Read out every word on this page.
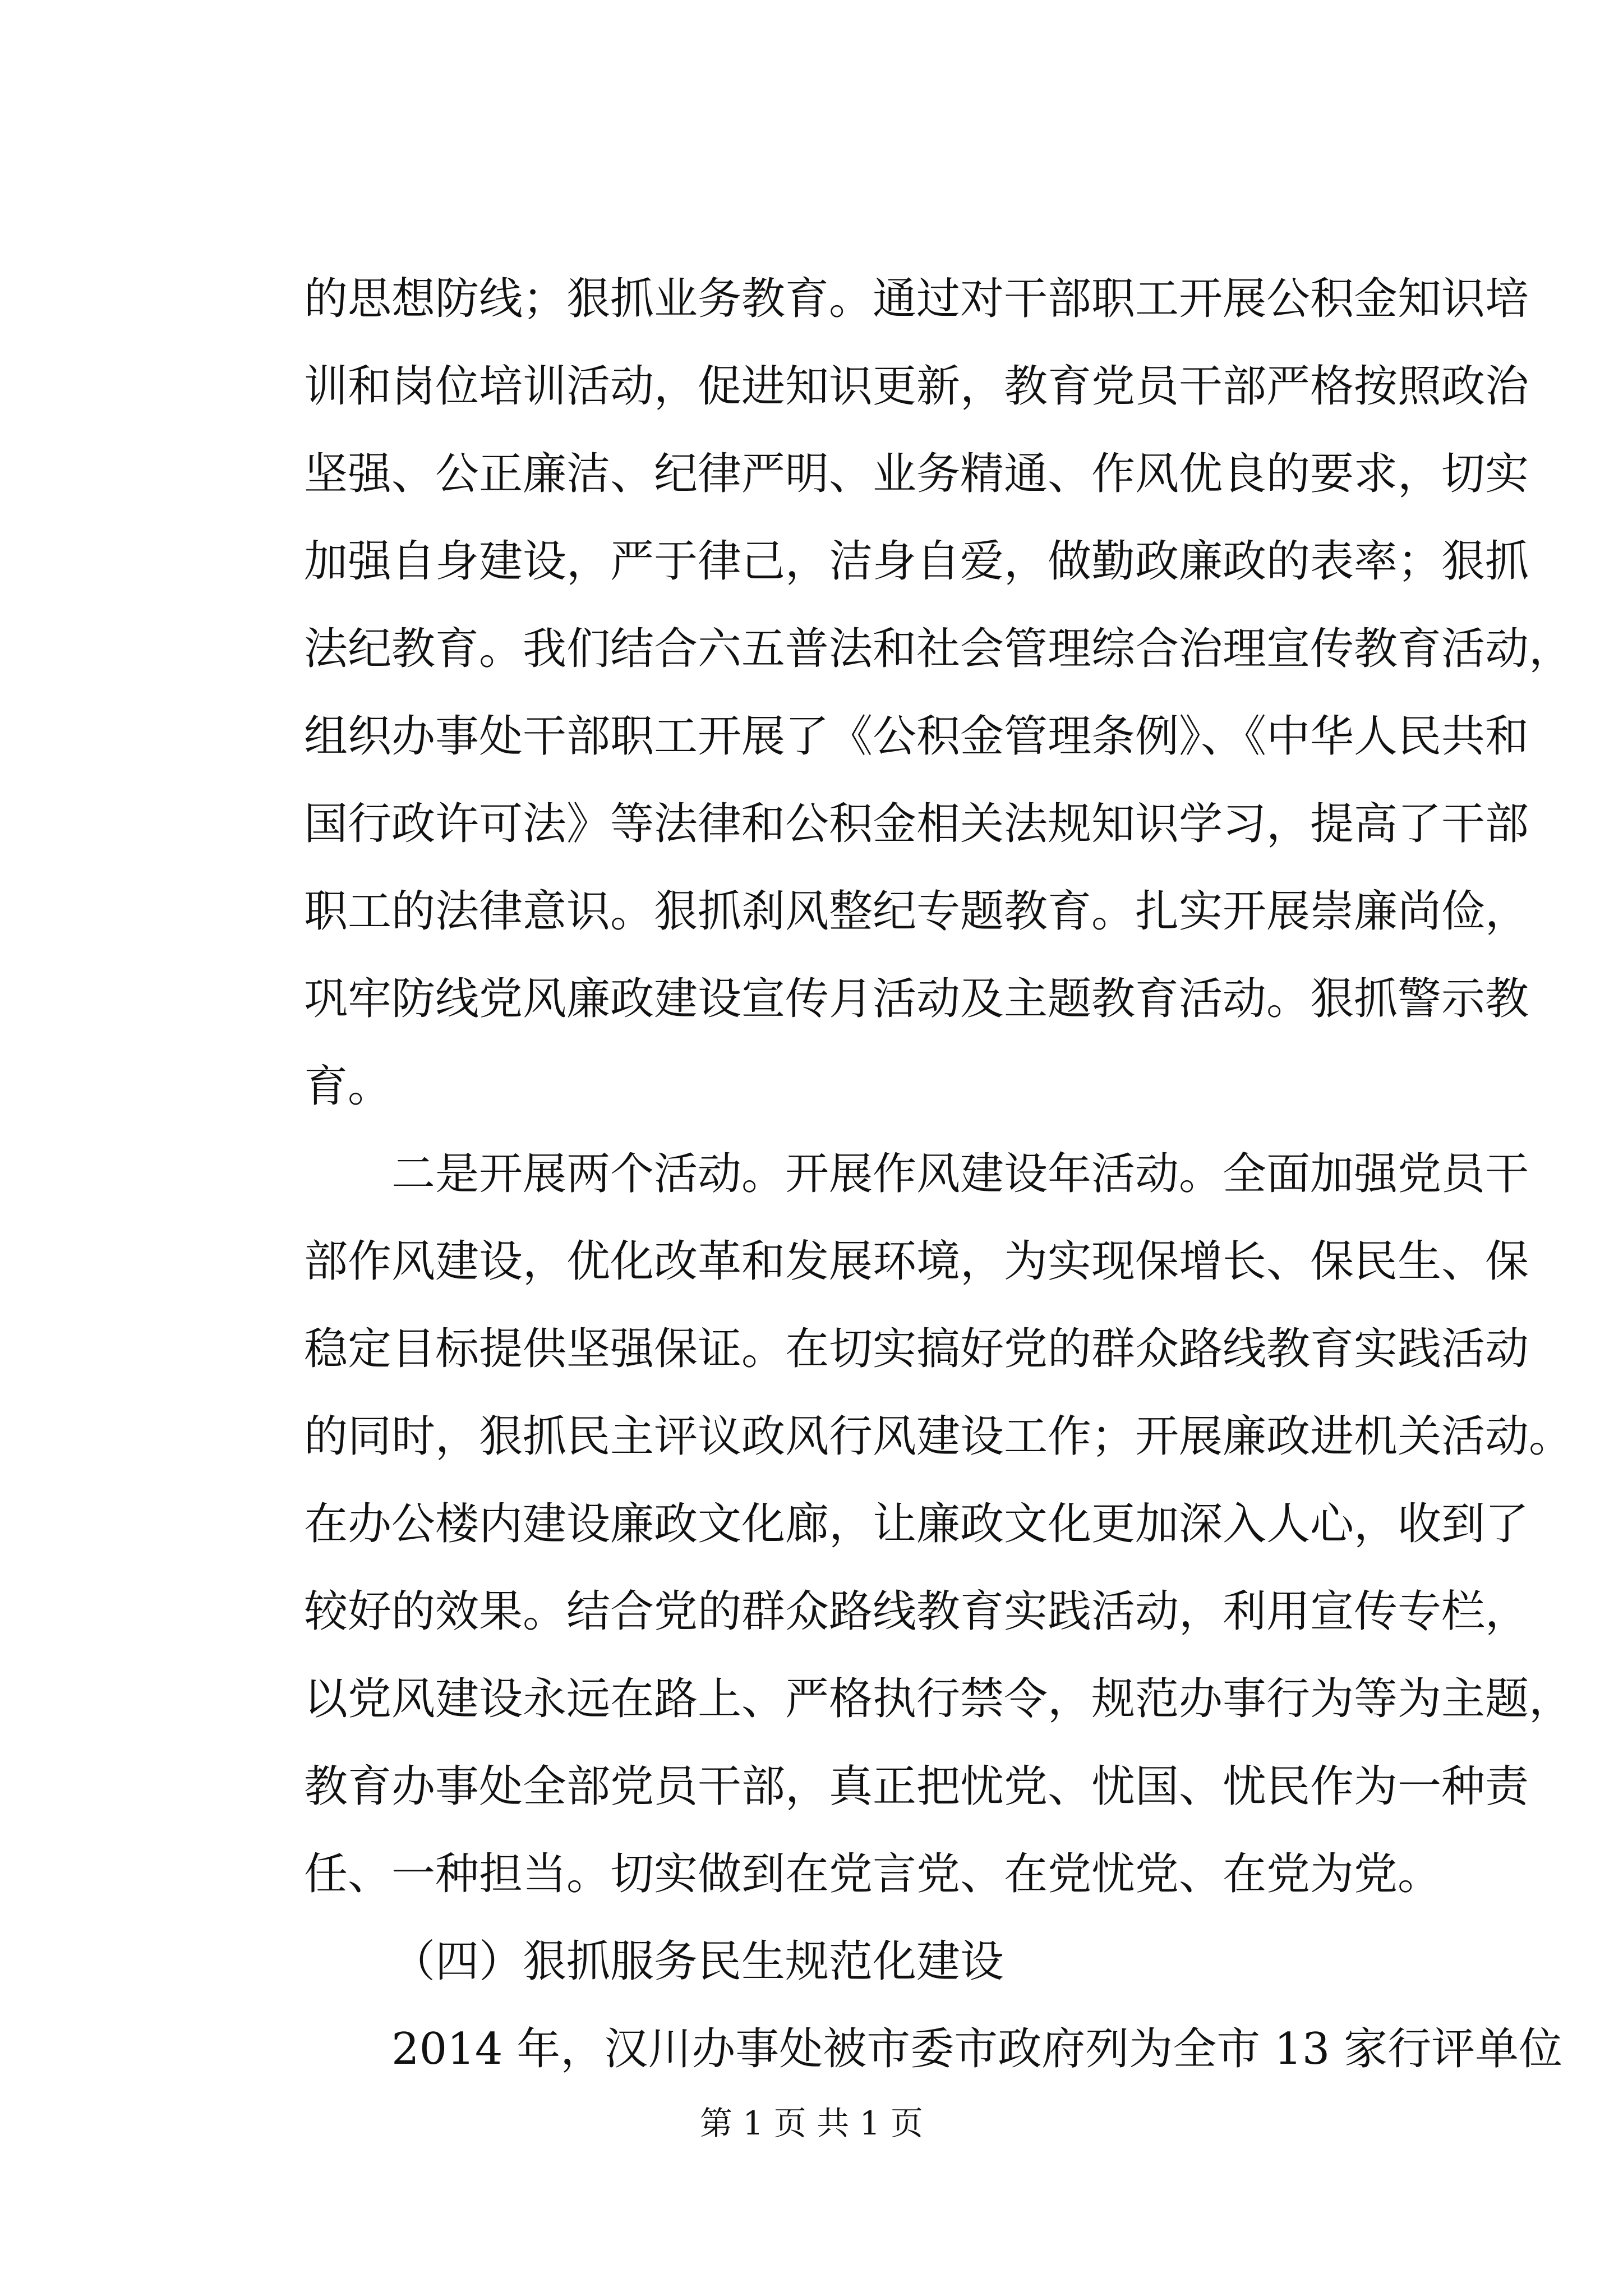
的思想防线；狠抓业务教育。通过对干部职工开展公积金知识培
训和岗位培训活动，促进知识更新，教育党员干部严格按照政治
坚强、公正廉洁、纪律严明、业务精通、作风优良的要求，切实
加强自身建设，严于律己，洁身自爱，做勤政廉政的表率；狠抓
法纪教育。我们结合六五普法和社会管理综合治理宣传教育活动，
组织办事处干部职工开展了《公积金管理条例》、《中华人民共和
国行政许可法》等法律和公积金相关法规知识学习，提高了干部
职工的法律意识。狠抓刹风整纪专题教育。扎实开展崇廉尚俭，
巩牢防线党风廉政建设宣传月活动及主题教育活动。狠抓警示教
育。
二是开展两个活动。开展作风建设年活动。全面加强党员干
部作风建设，优化改革和发展环境，为实现保增长、保民生、保
稳定目标提供坚强保证。在切实搞好党的群众路线教育实践活动
的同时，狠抓民主评议政风行风建设工作；开展廉政进机关活动。
在办公楼内建设廉政文化廊，让廉政文化更加深入人心，收到了
较好的效果。结合党的群众路线教育实践活动，利用宣传专栏，
以党风建设永远在路上、严格执行禁令，规范办事行为等为主题，
教育办事处全部党员干部，真正把忧党、忧国、忧民作为一种责
任、一种担当。切实做到在党言党、在党忧党、在党为党。
（四）狠抓服务民生规范化建设
2014 年，汉川办事处被市委市政府列为全市 13 家行评单位
第 1 页 共 1 页
